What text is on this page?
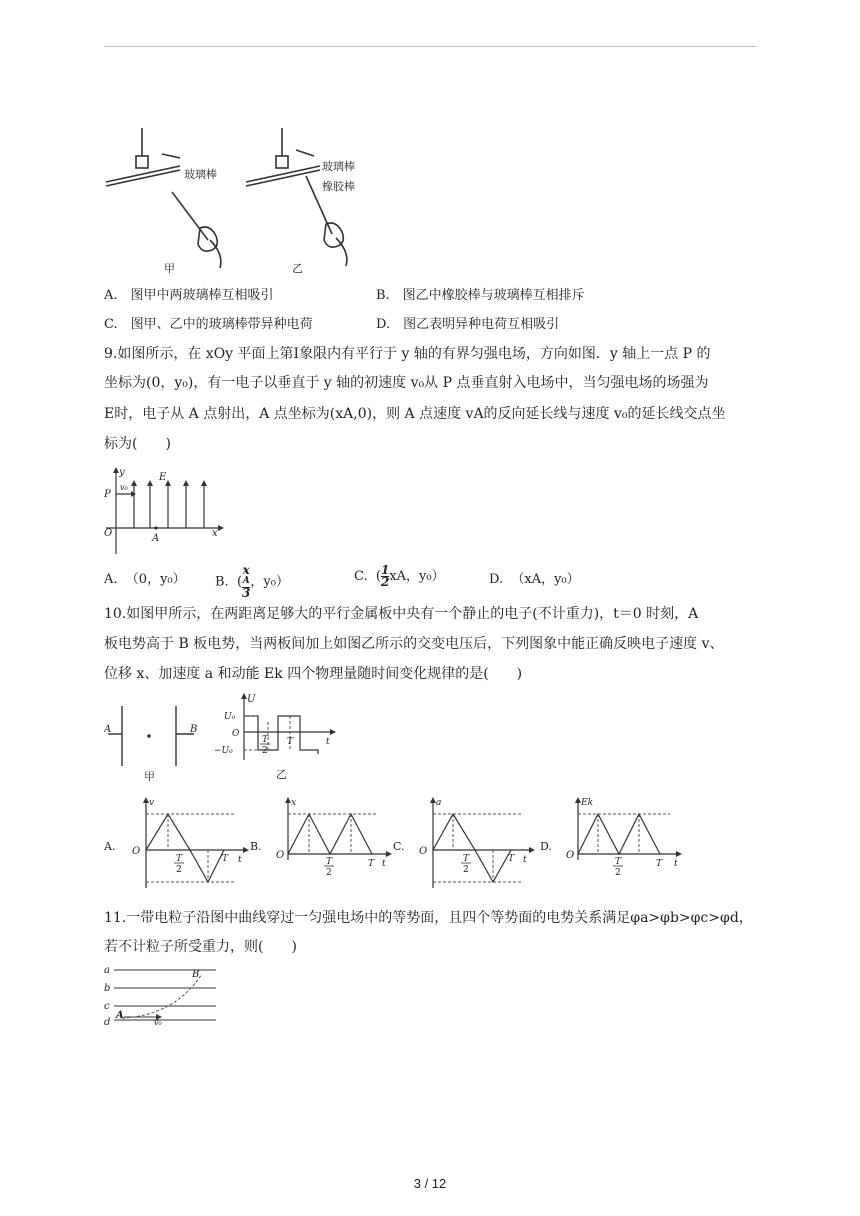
玻璃棒
玻璃棒
橡胶棒
甲	乙
A.　图甲中两玻璃棒互相吸引	B.　图乙中橡胶棒与玻璃棒互相排斥
C.　图甲、乙中的玻璃棒带异种电荷	D.　图乙表明异种电荷互相吸引
9.如图所示，在 xOy 平面上第Ⅰ象限内有平行于 y 轴的有界匀强电场，方向如图．y 轴上一点 P 的
坐标为(0，y₀)，有一电子以垂直于 y 轴的初速度 v₀从 P 点垂直射入电场中，当匀强电场的场强为
E时，电子从 A 点射出，A 点坐标为(xA,0)，则 A 点速度 vA的反向延长线与速度 v₀的延长线交点坐
标为(　　)
y
v₀
E
P
O	A	x
A. （0，y₀） B. ( x
A
3 ，y₀）	C. ( $\frac{1}{2}$ xA，y₀）	D. （xA，y₀）
10.如图甲所示，在两距离足够大的平行金属板中央有一个静止的电子(不计重力)，t＝0 时刻，A
板电势高于 B 板电势，当两板间加上如图乙所示的交变电压后，下列图象中能正确反映电子速度 v、
位移 x、加速度 a 和动能 Ek 四个物理量随时间变化规律的是(　　)
A	B
甲
U
U₀
O
−U₀
T
2
T	t
乙
A.
v
O
T
2
T t
B.
x
O
T
2
T t
C.
a
O
T
2
T t
D.
Ek
O
T
2
T t
11.一带电粒子沿图中曲线穿过一匀强电场中的等势面，且四个等势面的电势关系满足φa>φb>φc>φd，
若不计粒子所受重力，则(　　)
a
b
c
d
A
B
v₀
3 / 12
